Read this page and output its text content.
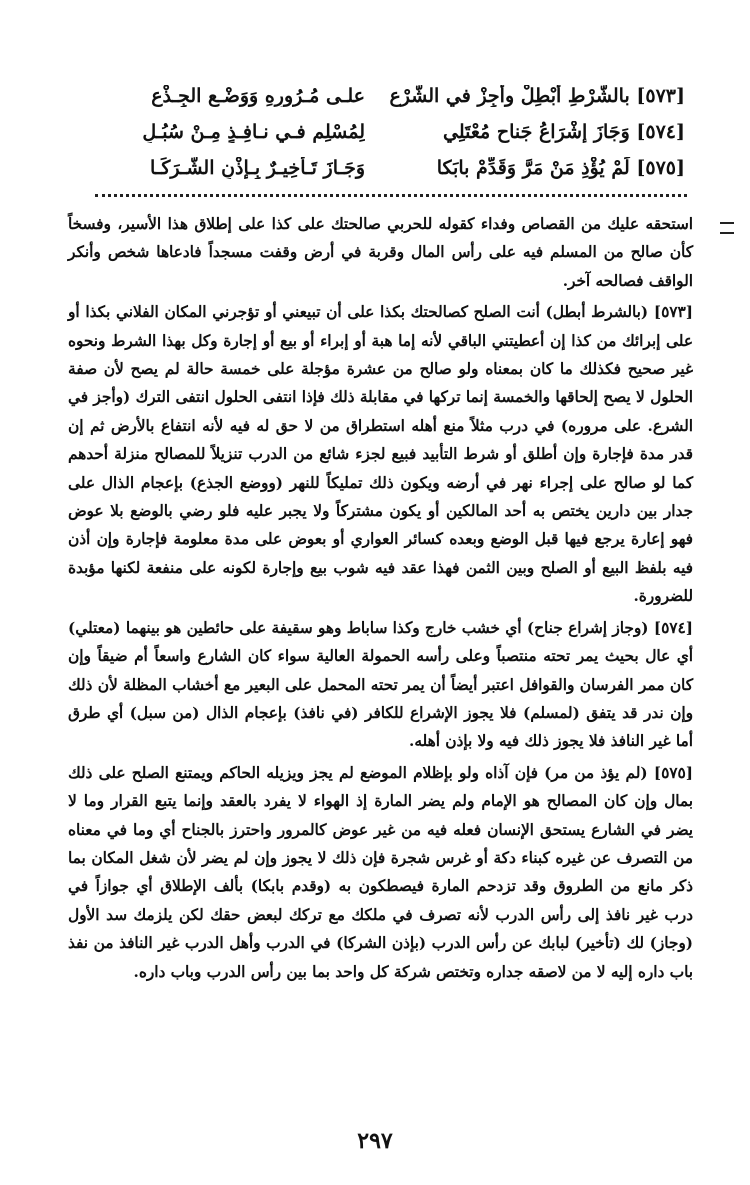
[٥٧٣] بالشَّرْطِ أَبْطِلْ وأَجِزْ في الشَّرْعِ
علـى مُـرُورِهِ وَوَضْـعِ الجِـذْعِ
[٥٧٤] وَجَازَ إِشْرَاعُ جَناحٍ مُعْتَلِي
لِمُسْلِمٍ فـي نـافِـذٍ مِـنْ سُبُـلِ
[٥٧٥] لَمْ يُؤْذِ مَنْ مَرَّ وَقَدِّمْ بابَكا
وَجَـازَ تَـأْخِيـرٌ بِـإِذْنِ الشُّـرَكَـا

استحقه عليك من القصاص وفداء كقوله للحربي صالحتك على كذا على إطلاق هذا الأسير، وفسخاً كأن صالح من المسلم فيه على رأس المال وقربة في أرض وقفت مسجداً فادعاها شخص وأنكر الواقف فصالحه آخر.

[٥٧٣] (بالشرط أبطل) أنت الصلح كصالحتك بكذا على أن تبيعني أو تؤجرني المكان الفلاني بكذا أو على إبرائك من كذا إن أعطيتني الباقي لأنه إما هبة أو إبراء أو بيع أو إجارة وكل بهذا الشرط ونحوه غير صحيح فكذلك ما كان بمعناه ولو صالح من عشرة مؤجلة على خمسة حالة لم يصح لأن صفة الحلول لا يصح إلحاقها والخمسة إنما تركها في مقابلة ذلك فإذا انتفى الحلول انتفى الترك (وأجز في الشرع. على مروره) في درب مثلاً منع أهله استطراق من لا حق له فيه لأنه انتفاع بالأرض ثم إن قدر مدة فإجارة وإن أطلق أو شرط التأبيد فبيع لجزء شائع من الدرب تنزيلاً للمصالح منزلة أحدهم كما لو صالح على إجراء نهر في أرضه ويكون ذلك تمليكاً للنهر (ووضع الجذع) بإعجام الذال على جدار بين دارين يختص به أحد المالكين أو يكون مشتركاً ولا يجبر عليه فلو رضي بالوضع بلا عوض فهو إعارة يرجع فيها قبل الوضع وبعده كسائر العواري أو بعوض على مدة معلومة فإجارة وإن أذن فيه بلفظ البيع أو الصلح وبين الثمن فهذا عقد فيه شوب بيع وإجارة لكونه على منفعة لكنها مؤبدة للضرورة.

[٥٧٤] (وجاز إشراع جناح) أي خشب خارج وكذا ساباط وهو سقيفة على حائطين هو بينهما (معتلي) أي عال بحيث يمر تحته منتصباً وعلى رأسه الحمولة العالية سواء كان الشارع واسعاً أم ضيقاً وإن كان ممر الفرسان والقوافل اعتبر أيضاً أن يمر تحته المحمل على البعير مع أخشاب المظلة لأن ذلك وإن ندر قد يتفق (لمسلم) فلا يجوز الإشراع للكافر (في نافذ) بإعجام الذال (من سبل) أي طرق أما غير النافذ فلا يجوز ذلك فيه ولا بإذن أهله.

[٥٧٥] (لم يؤذ من مر) فإن آذاه ولو بإظلام الموضع لم يجز ويزيله الحاكم ويمتنع الصلح على ذلك بمال وإن كان المصالح هو الإمام ولم يضر المارة إذ الهواء لا يفرد بالعقد وإنما يتبع القرار وما لا يضر في الشارع يستحق الإنسان فعله فيه من غير عوض كالمرور واحترز بالجناح أي وما في معناه من التصرف عن غيره كبناء دكة أو غرس شجرة فإن ذلك لا يجوز وإن لم يضر لأن شغل المكان بما ذكر مانع من الطروق وقد تزدحم المارة فيصطكون به (وقدم بابكا) بألف الإطلاق أي جوازاً في درب غير نافذ إلى رأس الدرب لأنه تصرف في ملكك مع تركك لبعض حقك لكن يلزمك سد الأول (وجاز) لك (تأخير) لبابك عن رأس الدرب (بإذن الشركا) في الدرب وأهل الدرب غير النافذ من نفذ باب داره إليه لا من لاصقه جداره وتختص شركة كل واحد بما بين رأس الدرب وباب داره.

٢٩٧
